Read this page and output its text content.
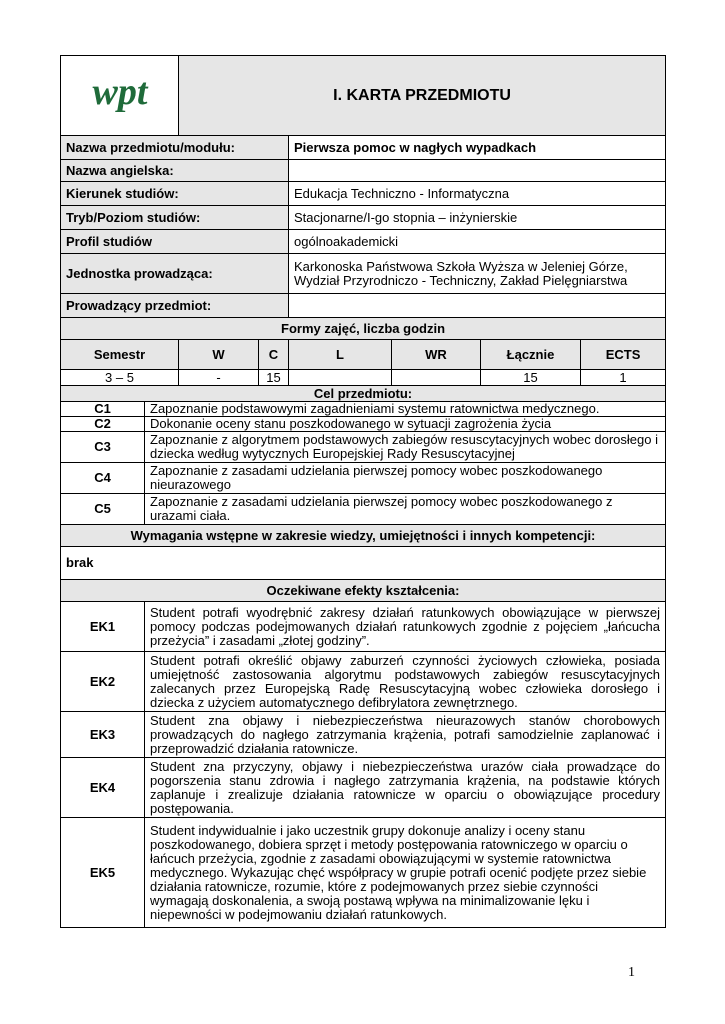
wpt	I. KARTA PRZEDMIOTU					
Nazwa przedmiotu/modułu:			Pierwsza pomoc w nagłych wypadkach			
Nazwa angielska:						
Kierunek studiów:			Edukacja Techniczno - Informatyczna			
Tryb/Poziom studiów:			Stacjonarne/I-go stopnia – inżynierskie			
Profil studiów			ogólnoakademicki			
Jednostka prowadząca:			Karkonoska Państwowa Szkoła Wyższa w Jeleniej Górze, Wydział Przyrodniczo - Techniczny, Zakład Pielęgniarstwa			
Prowadzący przedmiot:						
Formy zajęć, liczba godzin						
Semestr	W	C	L	WR	Łącznie	ECTS
3 – 5	-	15			15	1
Cel przedmiotu:	
C1	Zapoznanie podstawowymi zagadnieniami systemu ratownictwa medycznego.
C2	Dokonanie oceny stanu poszkodowanego w sytuacji zagrożenia życia
C3	Zapoznanie z algorytmem podstawowych zabiegów resuscytacyjnych wobec dorosłego i dziecka według wytycznych Europejskiej Rady Resuscytacyjnej
C4	Zapoznanie z zasadami udzielania pierwszej pomocy wobec poszkodowanego nieurazowego
C5	Zapoznanie z zasadami udzielania pierwszej pomocy wobec poszkodowanego z urazami ciała.
Wymagania wstępne w zakresie wiedzy, umiejętności i innych kompetencji:	
brak	
Oczekiwane efekty kształcenia:	
EK1	Student potrafi wyodrębnić zakresy działań ratunkowych obowiązujące w pierwszej pomocy podczas podejmowanych działań ratunkowych zgodnie z pojęciem „łańcucha przeżycia” i zasadami „złotej godziny”.
EK2	Student potrafi określić objawy zaburzeń czynności życiowych człowieka, posiada umiejętność zastosowania algorytmu podstawowych zabiegów resuscytacyjnych zalecanych przez Europejską Radę Resuscytacyjną wobec człowieka dorosłego i dziecka z użyciem automatycznego defibrylatora zewnętrznego.
EK3	Student zna objawy i niebezpieczeństwa nieurazowych stanów chorobowych prowadzących do nagłego zatrzymania krążenia, potrafi samodzielnie zaplanować i przeprowadzić działania ratownicze.
EK4	Student zna przyczyny, objawy i niebezpieczeństwa urazów ciała prowadzące do pogorszenia stanu zdrowia i nagłego zatrzymania krążenia, na podstawie których zaplanuje i zrealizuje działania ratownicze w oparciu o obowiązujące procedury postępowania.
EK5	Student indywidualnie i jako uczestnik grupy dokonuje analizy i oceny stanu poszkodowanego, dobiera sprzęt i metody postępowania ratowniczego w oparciu o łańcuch przeżycia, zgodnie z zasadami obowiązującymi w systemie ratownictwa medycznego. Wykazując chęć współpracy w grupie potrafi ocenić podjęte przez siebie działania ratownicze, rozumie, które z podejmowanych przez siebie czynności wymagają doskonalenia, a swoją postawą wpływa na minimalizowanie lęku i niepewności w podejmowaniu działań ratunkowych.
1
